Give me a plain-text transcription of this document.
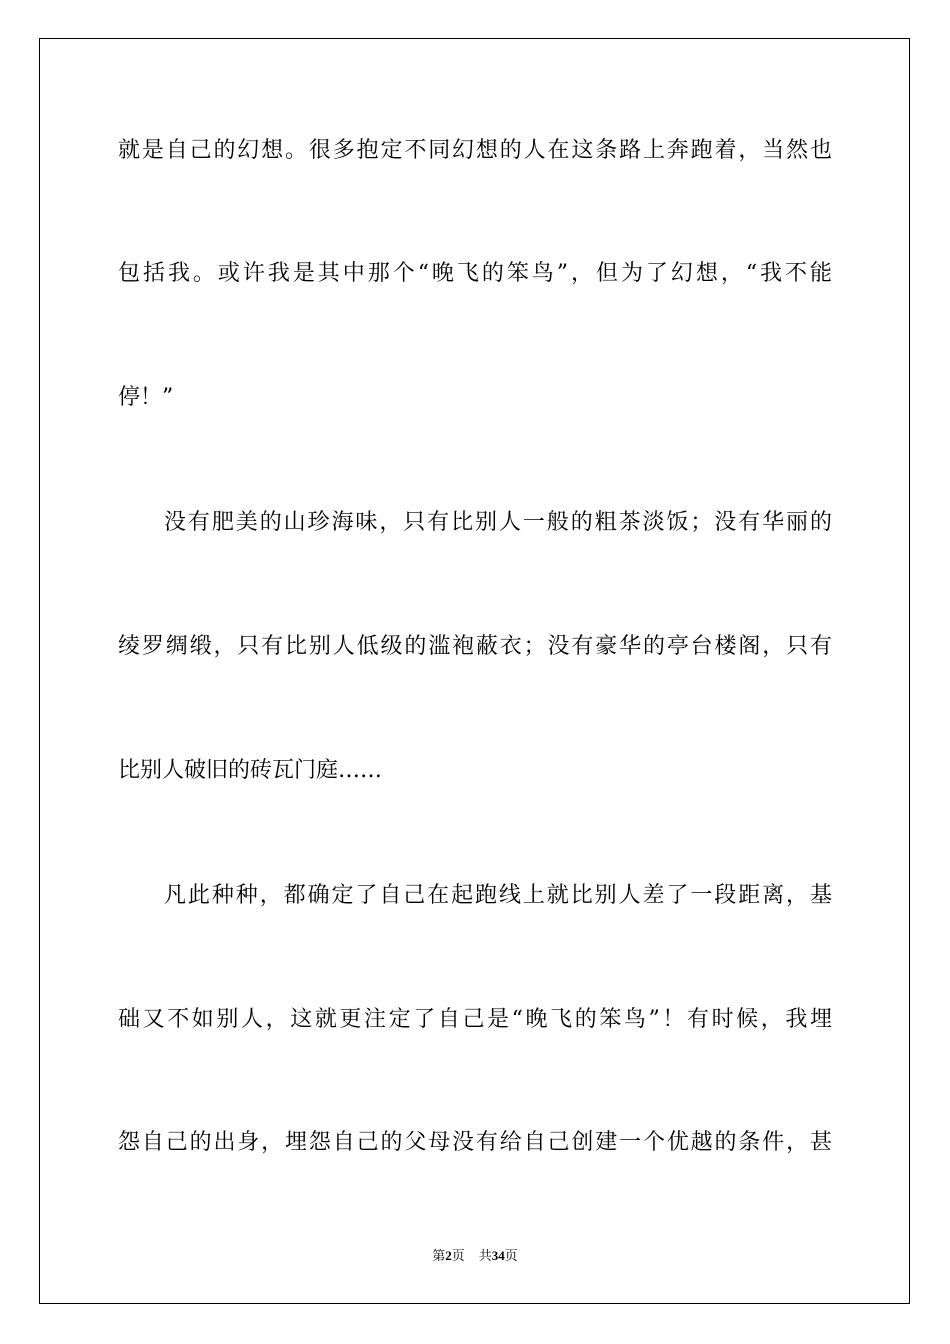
就是自己的幻想。很多抱定不同幻想的人在这条路上奔跑着，当然也
包括我。或许我是其中那个“晚飞的笨鸟”，但为了幻想，“我不能
停！”
没有肥美的山珍海味，只有比别人一般的粗茶淡饭；没有华丽的
绫罗绸缎，只有比别人低级的滥袍蔽衣；没有豪华的亭台楼阁，只有
比别人破旧的砖瓦门庭……
凡此种种，都确定了自己在起跑线上就比别人差了一段距离，基
础又不如别人，这就更注定了自己是“晚飞的笨鸟”！有时候，我埋
怨自己的出身，埋怨自己的父母没有给自己创建一个优越的条件，甚
第2页 共34页
